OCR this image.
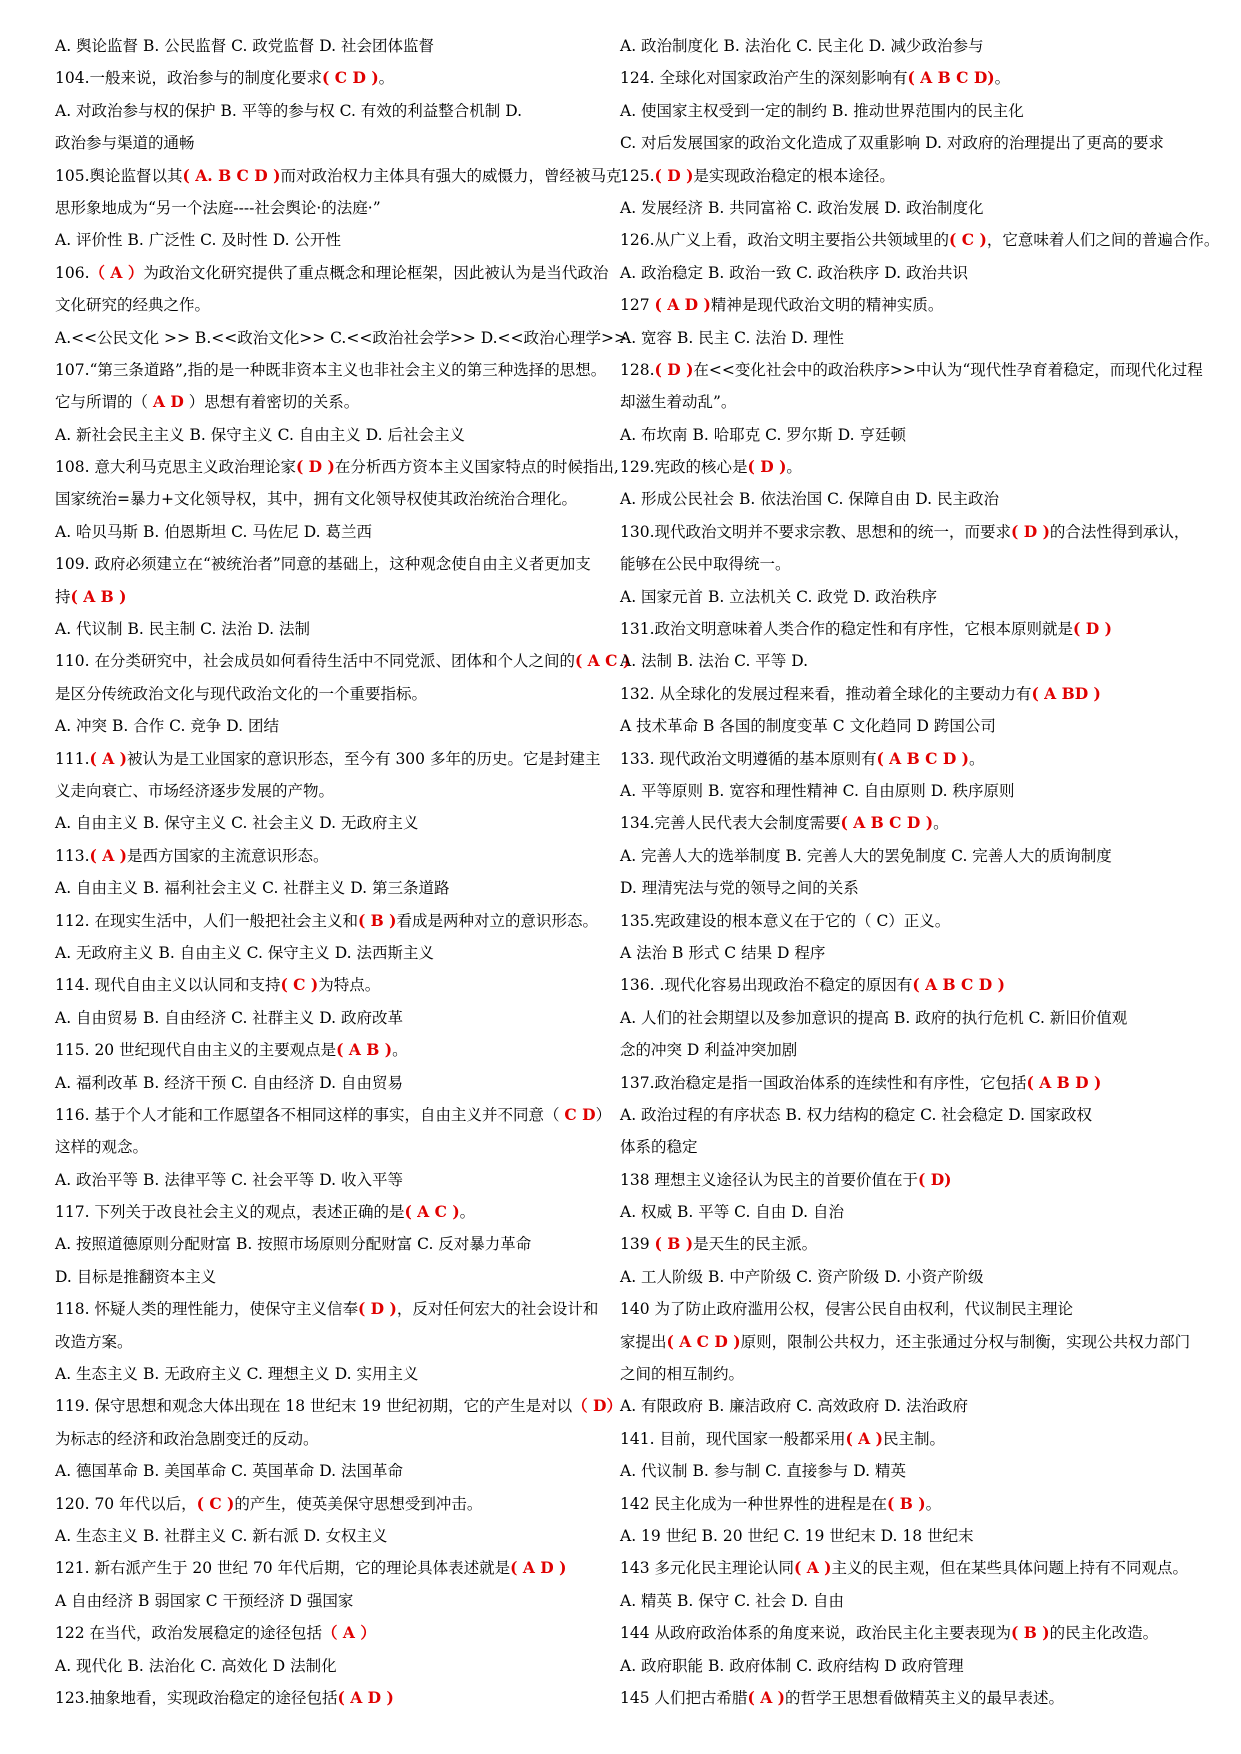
A. 舆论监督 B. 公民监督 C. 政党监督 D. 社会团体监督
104.一般来说，政治参与的制度化要求( C D )。
A. 对政治参与权的保护 B. 平等的参与权 C. 有效的利益整合机制 D.
政治参与渠道的通畅
105.舆论监督以其( A. B C D )而对政治权力主体具有强大的威慑力，曾经被马克
思形象地成为“另一个法庭----社会舆论·的法庭·”
A. 评价性 B. 广泛性 C. 及时性 D. 公开性
106.（ A ）为政治文化研究提供了重点概念和理论框架，因此被认为是当代政治
文化研究的经典之作。
A.<<公民文化 >> B.<<政治文化>> C.<<政治社会学>> D.<<政治心理学>>
107.“第三条道路”,指的是一种既非资本主义也非社会主义的第三种选择的思想。
它与所谓的（ A D ）思想有着密切的关系。
A. 新社会民主主义 B. 保守主义 C. 自由主义 D. 后社会主义
108. 意大利马克思主义政治理论家( D )在分析西方资本主义国家特点的时候指出,
国家统治=暴力+文化领导权，其中，拥有文化领导权使其政治统治合理化。
A. 哈贝马斯 B. 伯恩斯坦 C. 马佐尼 D. 葛兰西
109. 政府必须建立在“被统治者”同意的基础上，这种观念使自由主义者更加支
持( A B )
A. 代议制 B. 民主制 C. 法治 D. 法制
110. 在分类研究中，社会成员如何看待生活中不同党派、团体和个人之间的( A C )
是区分传统政治文化与现代政治文化的一个重要指标。
A. 冲突 B. 合作 C. 竞争 D. 团结
111.( A )被认为是工业国家的意识形态，至今有 300 多年的历史。它是封建主
义走向衰亡、市场经济逐步发展的产物。
A. 自由主义 B. 保守主义 C. 社会主义 D. 无政府主义
113.( A )是西方国家的主流意识形态。
A. 自由主义 B. 福利社会主义 C. 社群主义 D. 第三条道路
112. 在现实生活中，人们一般把社会主义和( B )看成是两种对立的意识形态。
A. 无政府主义 B. 自由主义 C. 保守主义 D. 法西斯主义
114. 现代自由主义以认同和支持( C )为特点。
A. 自由贸易 B. 自由经济 C. 社群主义 D. 政府改革
115. 20 世纪现代自由主义的主要观点是( A B )。
A. 福利改革 B. 经济干预 C. 自由经济 D. 自由贸易
116. 基于个人才能和工作愿望各不相同这样的事实，自由主义并不同意（ C D）
这样的观念。
A. 政治平等 B. 法律平等 C. 社会平等 D. 收入平等
117. 下列关于改良社会主义的观点，表述正确的是( A C )。
A. 按照道德原则分配财富 B. 按照市场原则分配财富 C. 反对暴力革命
D. 目标是推翻资本主义
118. 怀疑人类的理性能力，使保守主义信奉( D )，反对任何宏大的社会设计和
改造方案。
A. 生态主义 B. 无政府主义 C. 理想主义 D. 实用主义
119. 保守思想和观念大体出现在 18 世纪末 19 世纪初期，它的产生是对以（ D）
为标志的经济和政治急剧变迁的反动。
A. 德国革命 B. 美国革命 C. 英国革命 D. 法国革命
120. 70 年代以后，( C )的产生，使英美保守思想受到冲击。
A. 生态主义 B. 社群主义 C. 新右派 D. 女权主义
121. 新右派产生于 20 世纪 70 年代后期，它的理论具体表述就是( A D )
A 自由经济 B 弱国家 C 干预经济 D 强国家
122 在当代，政治发展稳定的途径包括（ A ）
A. 现代化 B. 法治化 C. 高效化 D 法制化
123.抽象地看，实现政治稳定的途径包括( A D )
A. 政治制度化 B. 法治化 C. 民主化 D. 减少政治参与
124. 全球化对国家政治产生的深刻影响有( A B C D)。
A. 使国家主权受到一定的制约 B. 推动世界范围内的民主化
C. 对后发展国家的政治文化造成了双重影响 D. 对政府的治理提出了更高的要求
125.( D )是实现政治稳定的根本途径。
A. 发展经济 B. 共同富裕 C. 政治发展 D. 政治制度化
126.从广义上看，政治文明主要指公共领域里的( C )，它意味着人们之间的普遍合作。
A. 政治稳定 B. 政治一致 C. 政治秩序 D. 政治共识
127 ( A D )精神是现代政治文明的精神实质。
A. 宽容 B. 民主 C. 法治 D. 理性
128.( D )在<<变化社会中的政治秩序>>中认为“现代性孕育着稳定，而现代化过程
却滋生着动乱”。
A. 布坎南 B. 哈耶克 C. 罗尔斯 D. 亨廷顿
129.宪政的核心是( D )。
A. 形成公民社会 B. 依法治国 C. 保障自由 D. 民主政治
130.现代政治文明并不要求宗教、思想和的统一，而要求( D )的合法性得到承认，
能够在公民中取得统一。
A. 国家元首 B. 立法机关 C. 政党 D. 政治秩序
131.政治文明意味着人类合作的稳定性和有序性，它根本原则就是( D )
A. 法制 B. 法治 C. 平等 D.
132. 从全球化的发展过程来看，推动着全球化的主要动力有( A BD )
A 技术革命 B 各国的制度变革 C 文化趋同 D 跨国公司
133. 现代政治文明遵循的基本原则有( A B C D )。
A. 平等原则 B. 宽容和理性精神 C. 自由原则 D. 秩序原则
134.完善人民代表大会制度需要( A B C D )。
A. 完善人大的选举制度 B. 完善人大的罢免制度 C. 完善人大的质询制度
D. 理清宪法与党的领导之间的关系
135.宪政建设的根本意义在于它的（ C）正义。
A 法治 B 形式 C 结果 D 程序
136. .现代化容易出现政治不稳定的原因有( A B C D )
A. 人们的社会期望以及参加意识的提高 B. 政府的执行危机 C. 新旧价值观
念的冲突 D 利益冲突加剧
137.政治稳定是指一国政治体系的连续性和有序性，它包括( A B D )
A. 政治过程的有序状态 B. 权力结构的稳定 C. 社会稳定 D. 国家政权
体系的稳定
138 理想主义途径认为民主的首要价值在于( D)
A. 权威 B. 平等 C. 自由 D. 自治
139 ( B )是天生的民主派。
A. 工人阶级 B. 中产阶级 C. 资产阶级 D. 小资产阶级
140 为了防止政府滥用公权，侵害公民自由权利，代议制民主理论
家提出( A C D )原则，限制公共权力，还主张通过分权与制衡，实现公共权力部门
之间的相互制约。
A. 有限政府 B. 廉洁政府 C. 高效政府 D. 法治政府
141. 目前，现代国家一般都采用( A )民主制。
A. 代议制 B. 参与制 C. 直接参与 D. 精英
142 民主化成为一种世界性的进程是在( B )。
A. 19 世纪 B. 20 世纪 C. 19 世纪末 D. 18 世纪末
143 多元化民主理论认同( A )主义的民主观，但在某些具体问题上持有不同观点。
A. 精英 B. 保守 C. 社会 D. 自由
144 从政府政治体系的角度来说，政治民主化主要表现为( B )的民主化改造。
A. 政府职能 B. 政府体制 C. 政府结构 D 政府管理
145 人们把古希腊( A )的哲学王思想看做精英主义的最早表述。
